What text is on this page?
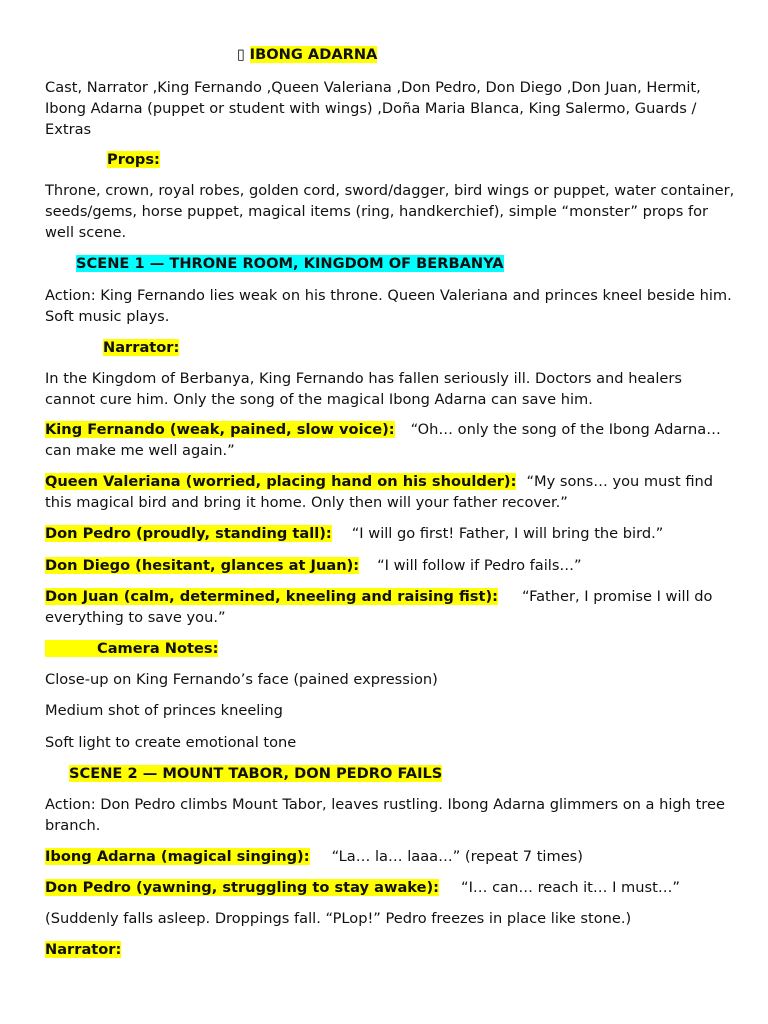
▯ IBONG ADARNA

Cast, Narrator ,King Fernando ,Queen Valeriana ,Don Pedro, Don Diego ,Don Juan, Hermit, Ibong Adarna (puppet or student with wings) ,Doña Maria Blanca, King Salermo, Guards / Extras

Props:

Throne, crown, royal robes, golden cord, sword/dagger, bird wings or puppet, water container, seeds/gems, horse puppet, magical items (ring, handkerchief), simple “monster” props for well scene.

SCENE 1 — THRONE ROOM, KINGDOM OF BERBANYA

Action: King Fernando lies weak on his throne. Queen Valeriana and princes kneel beside him. Soft music plays.

Narrator:

In the Kingdom of Berbanya, King Fernando has fallen seriously ill. Doctors and healers cannot cure him. Only the song of the magical Ibong Adarna can save him.

King Fernando (weak, pained, slow voice): “Oh… only the song of the Ibong Adarna… can make me well again.”

Queen Valeriana (worried, placing hand on his shoulder): “My sons… you must find this magical bird and bring it home. Only then will your father recover.”

Don Pedro (proudly, standing tall): “I will go first! Father, I will bring the bird.”

Don Diego (hesitant, glances at Juan): “I will follow if Pedro fails…”

Don Juan (calm, determined, kneeling and raising fist): “Father, I promise I will do everything to save you.”

Camera Notes:

Close-up on King Fernando’s face (pained expression)

Medium shot of princes kneeling

Soft light to create emotional tone

SCENE 2 — MOUNT TABOR, DON PEDRO FAILS

Action: Don Pedro climbs Mount Tabor, leaves rustling. Ibong Adarna glimmers on a high tree branch.

Ibong Adarna (magical singing): “La… la… laaa…” (repeat 7 times)

Don Pedro (yawning, struggling to stay awake): “I… can… reach it… I must…”

(Suddenly falls asleep. Droppings fall. “PLop!” Pedro freezes in place like stone.)

Narrator:
